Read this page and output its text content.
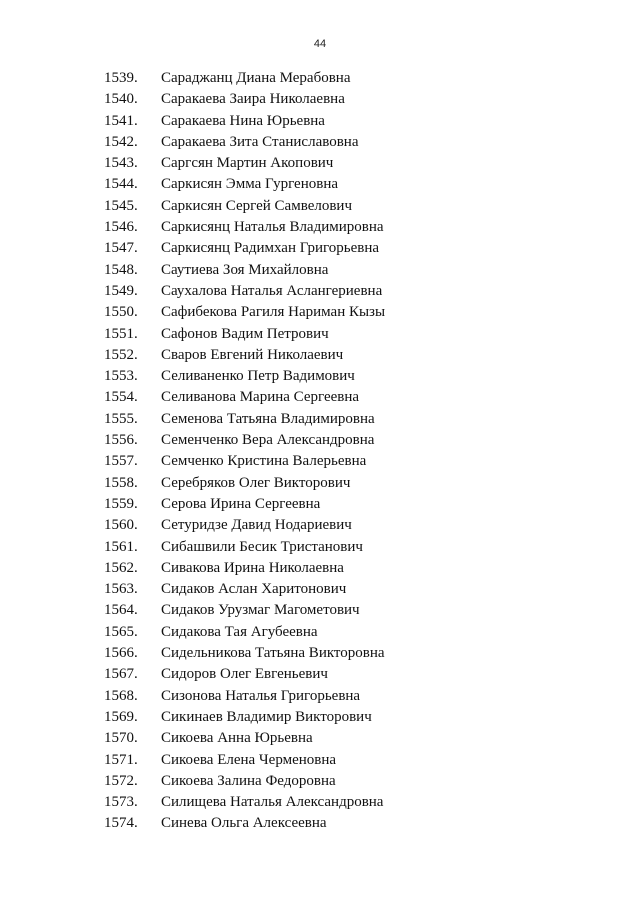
44
1539. Сараджанц Диана Мерабовна
1540. Саракаева Заира Николаевна
1541. Саракаева Нина Юрьевна
1542. Саракаева Зита Станиславовна
1543. Саргсян Мартин Акопович
1544. Саркисян Эмма Гургеновна
1545. Саркисян Сергей Самвелович
1546. Саркисянц Наталья Владимировна
1547. Саркисянц Радимхан Григорьевна
1548. Саутиева Зоя Михайловна
1549. Саухалова Наталья Аслангериевна
1550. Сафибекова Рагиля Нариман Кызы
1551. Сафонов Вадим Петрович
1552. Сваров Евгений Николаевич
1553. Селиваненко Петр Вадимович
1554. Селиванова Марина Сергеевна
1555. Семенова Татьяна Владимировна
1556. Семенченко Вера Александровна
1557. Семченко Кристина Валерьевна
1558. Серебряков Олег Викторович
1559. Серова Ирина Сергеевна
1560. Сетуридзе Давид Нодариевич
1561. Сибашвили Бесик Тристанович
1562. Сивакова Ирина Николаевна
1563. Сидаков Аслан Харитонович
1564. Сидаков Урузмаг Магометович
1565. Сидакова Тая Агубеевна
1566. Сидельникова Татьяна Викторовна
1567. Сидоров Олег Евгеньевич
1568. Сизонова Наталья Григорьевна
1569. Сикинаев Владимир Викторович
1570. Сикоева Анна Юрьевна
1571. Сикоева Елена Черменовна
1572. Сикоева Залина Федоровна
1573. Силищева Наталья Александровна
1574. Синева Ольга Алексеевна
